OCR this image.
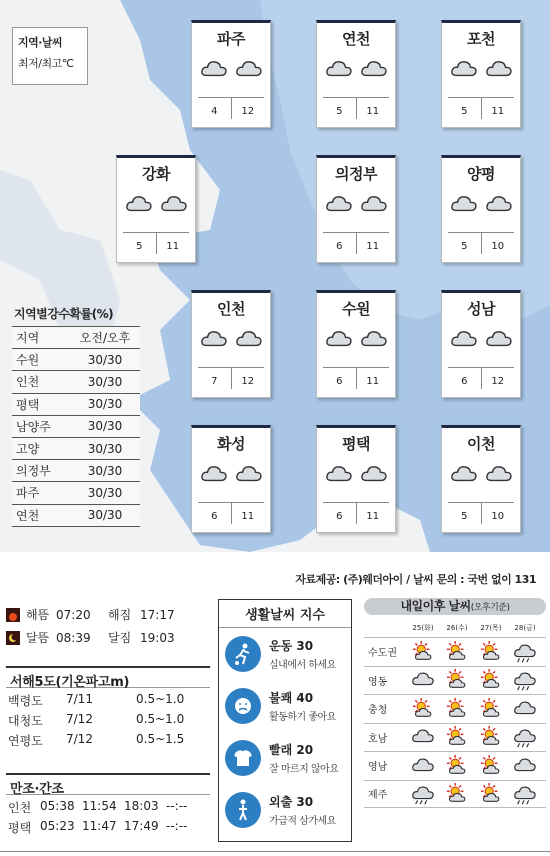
지역·날씨
최저/최고℃
파주
4	12
연천
5	11
포천
5	11
강화
5	11
의정부
6	11
양평
5	10
인천
7	12
수원
6	11
성남
6	12
화성
6	11
평택
6	11
이천
5	10
지역별강수확률(%)
지역	오전/오후
수원	30/30
인천	30/30
평택	30/30
남양주	30/30
고양	30/30
의정부	30/30
파주	30/30
연천	30/30
자료제공: (주)웨더아이 / 날씨 문의 : 국번 없이 131
해뜸 07:20	해짐 17:17
달뜸 08:39	달짐 19:03
서해5도(기온파고m)
백령도	7/11	0.5~1.0
대청도	7/12	0.5~1.0
연평도	7/12	0.5~1.5
만조·간조
인천 05:38 11:54 18:03 --:--
평택 05:23 11:47 17:49 --:--
생활날씨 지수
운동 30
실내에서 하세요
불쾌 40
활동하기 좋아요
빨래 20
잘 마르지 않아요
외출 30
가급적 삼가세요
내일이후 날씨(오후기준)
25(화)	26(수)	27(목)	28(금)
수도권
영동
충청
호남
영남
제주
